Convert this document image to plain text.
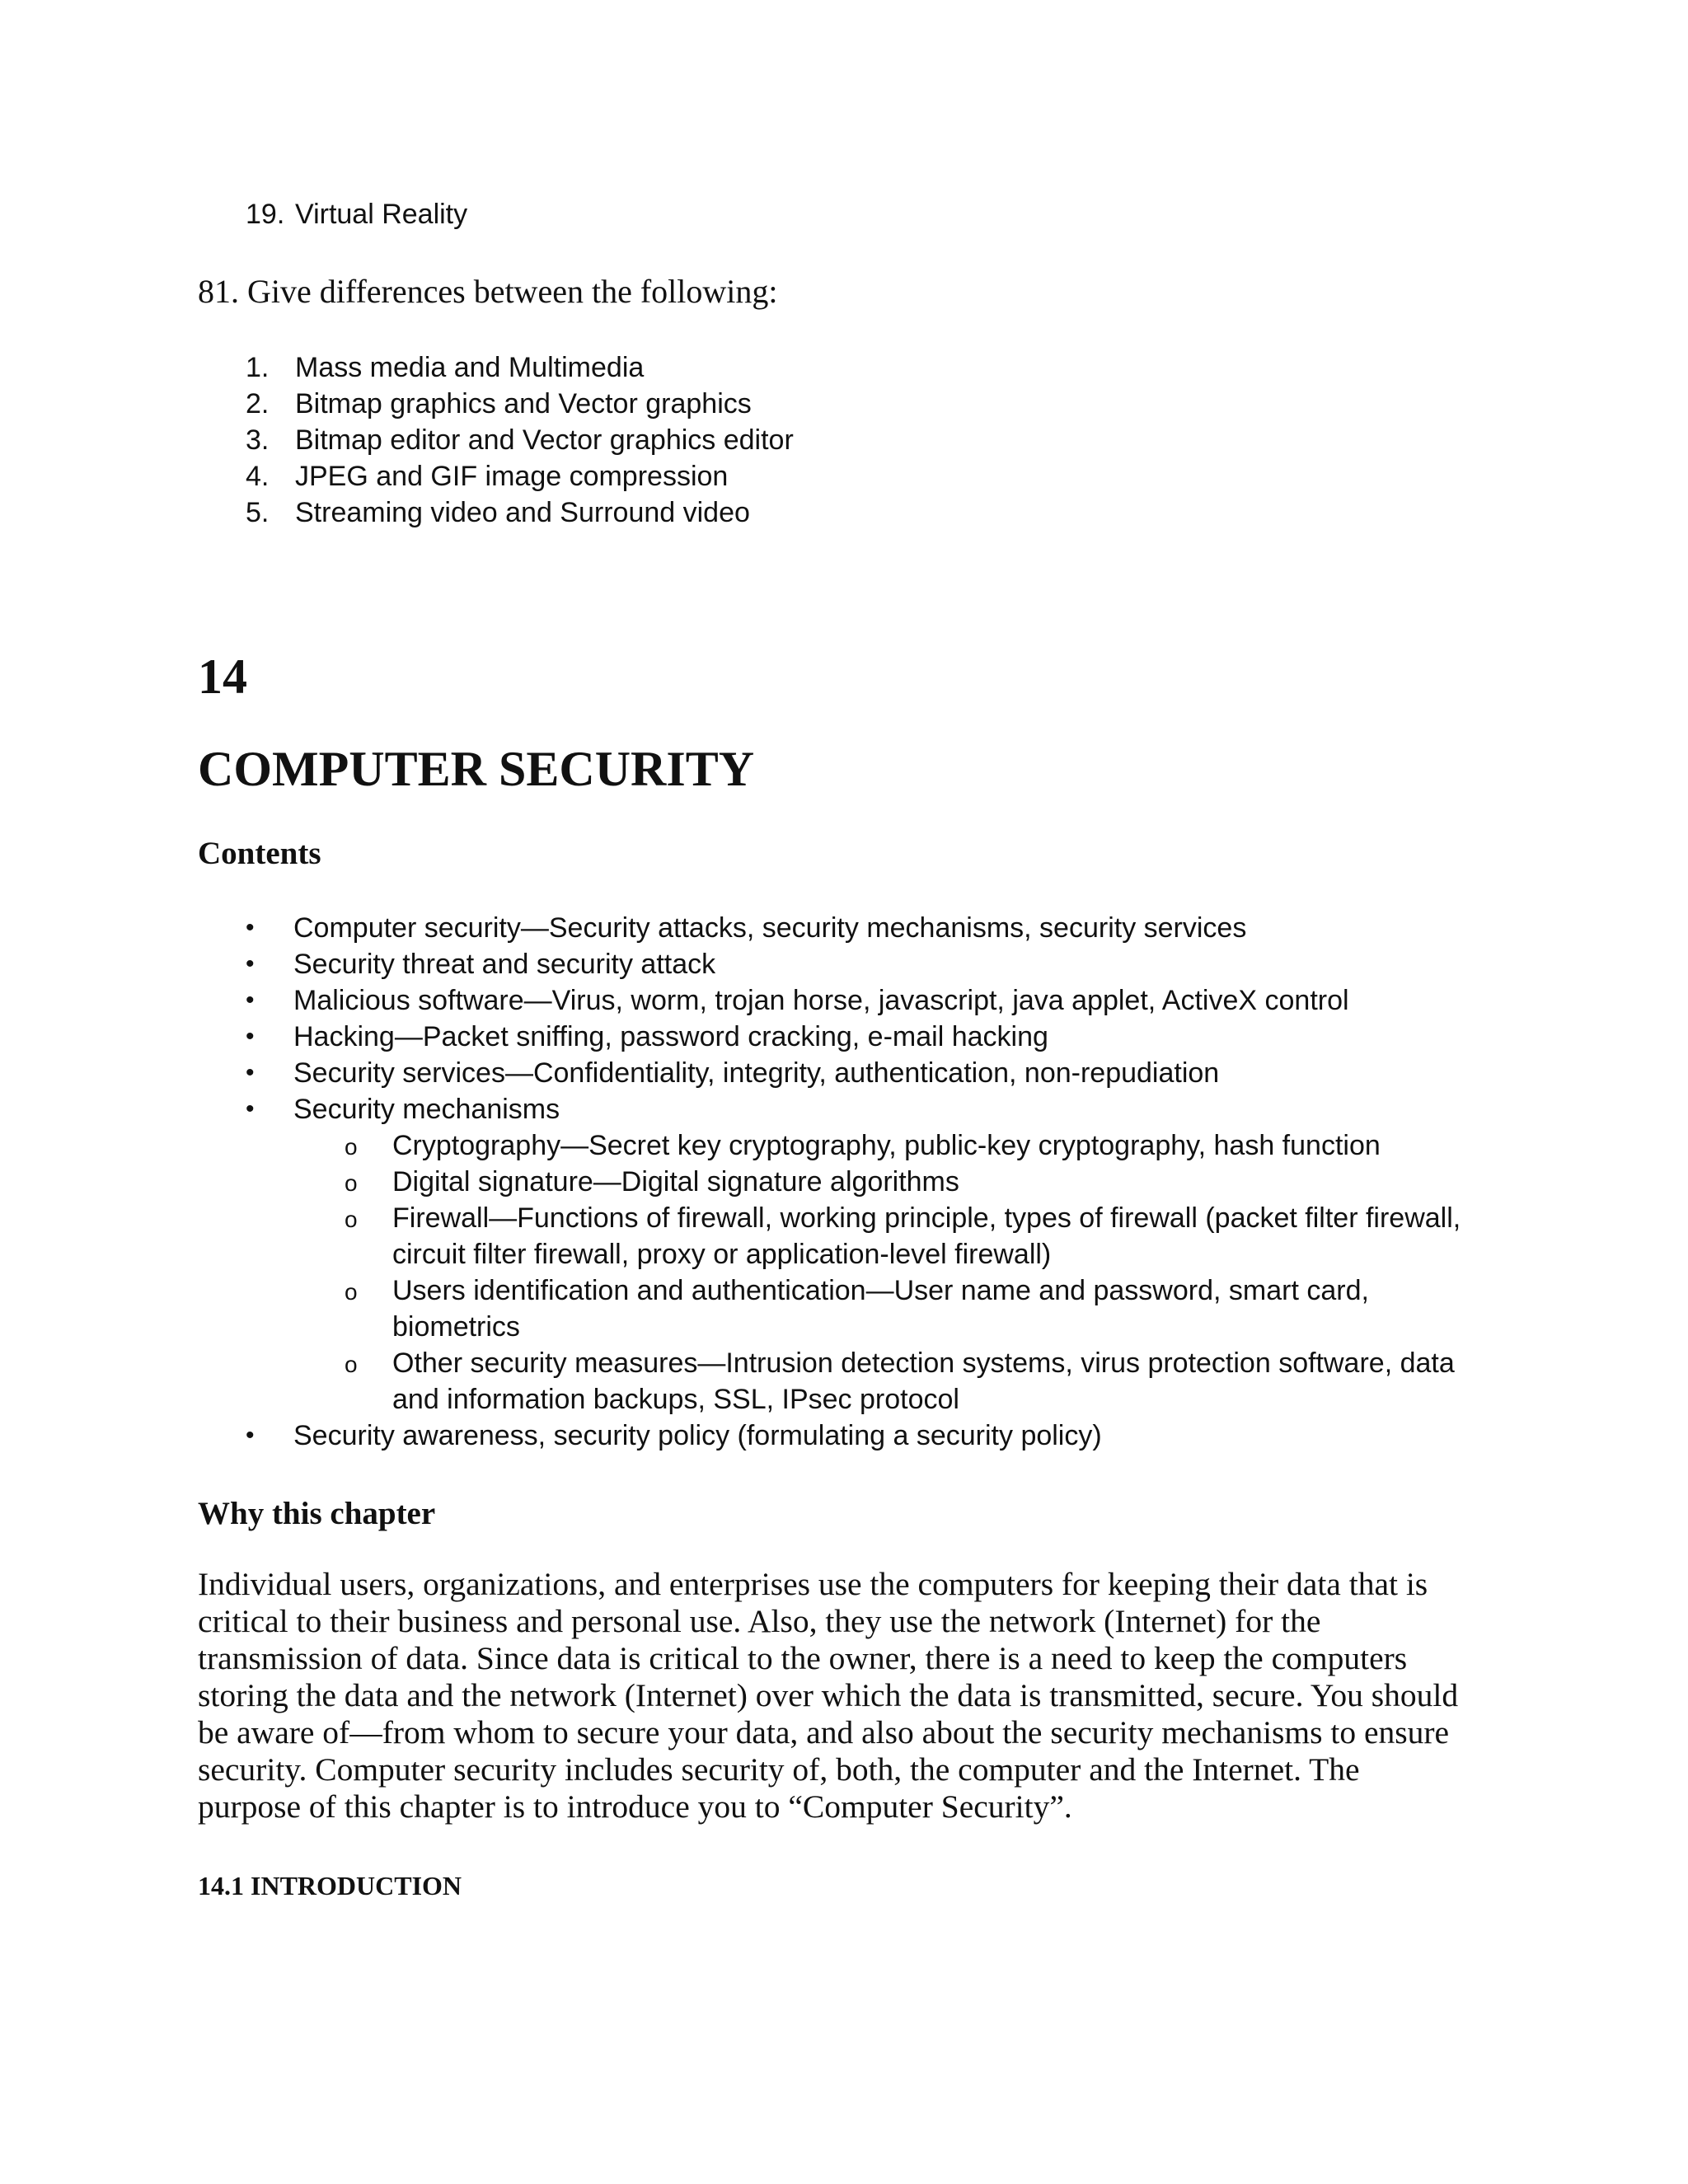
19. Virtual Reality
81. Give differences between the following:
1. Mass media and Multimedia
2. Bitmap graphics and Vector graphics
3. Bitmap editor and Vector graphics editor
4. JPEG and GIF image compression
5. Streaming video and Surround video
14
COMPUTER SECURITY
Contents
• Computer security—Security attacks, security mechanisms, security services
• Security threat and security attack
• Malicious software—Virus, worm, trojan horse, javascript, java applet, ActiveX control
• Hacking—Packet sniffing, password cracking, e-mail hacking
• Security services—Confidentiality, integrity, authentication, non-repudiation
• Security mechanisms
o Cryptography—Secret key cryptography, public-key cryptography, hash function
o Digital signature—Digital signature algorithms
o Firewall—Functions of firewall, working principle, types of firewall (packet filter firewall,
circuit filter firewall, proxy or application-level firewall)
o Users identification and authentication—User name and password, smart card,
biometrics
o Other security measures—Intrusion detection systems, virus protection software, data
and information backups, SSL, IPsec protocol
• Security awareness, security policy (formulating a security policy)
Why this chapter
Individual users, organizations, and enterprises use the computers for keeping their data that is
critical to their business and personal use. Also, they use the network (Internet) for the
transmission of data. Since data is critical to the owner, there is a need to keep the computers
storing the data and the network (Internet) over which the data is transmitted, secure. You should
be aware of—from whom to secure your data, and also about the security mechanisms to ensure
security. Computer security includes security of, both, the computer and the Internet. The
purpose of this chapter is to introduce you to “Computer Security”.
14.1 INTRODUCTION
